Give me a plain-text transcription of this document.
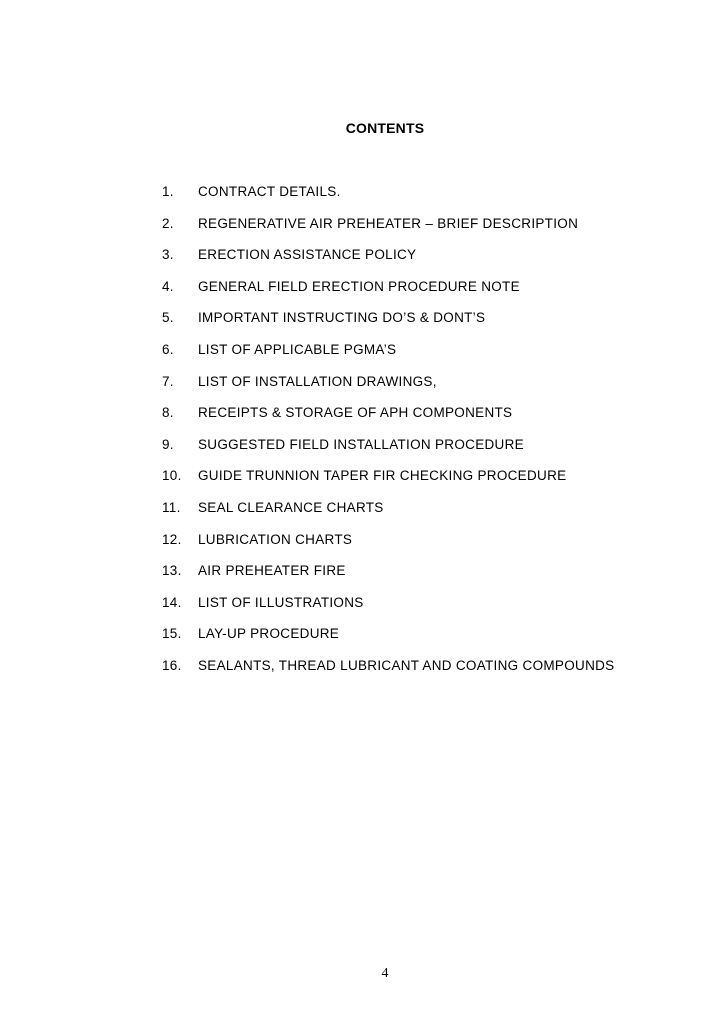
CONTENTS
1. CONTRACT DETAILS.
2. REGENERATIVE AIR PREHEATER – BRIEF DESCRIPTION
3. ERECTION ASSISTANCE POLICY
4. GENERAL FIELD ERECTION PROCEDURE NOTE
5. IMPORTANT INSTRUCTING DO’S & DONT’S
6. LIST OF APPLICABLE PGMA’S
7. LIST OF INSTALLATION DRAWINGS,
8. RECEIPTS & STORAGE OF APH COMPONENTS
9. SUGGESTED FIELD INSTALLATION PROCEDURE
10. GUIDE TRUNNION TAPER FIR CHECKING PROCEDURE
11. SEAL CLEARANCE CHARTS
12. LUBRICATION CHARTS
13. AIR PREHEATER FIRE
14. LIST OF ILLUSTRATIONS
15. LAY-UP PROCEDURE
16. SEALANTS, THREAD LUBRICANT AND COATING COMPOUNDS
4
